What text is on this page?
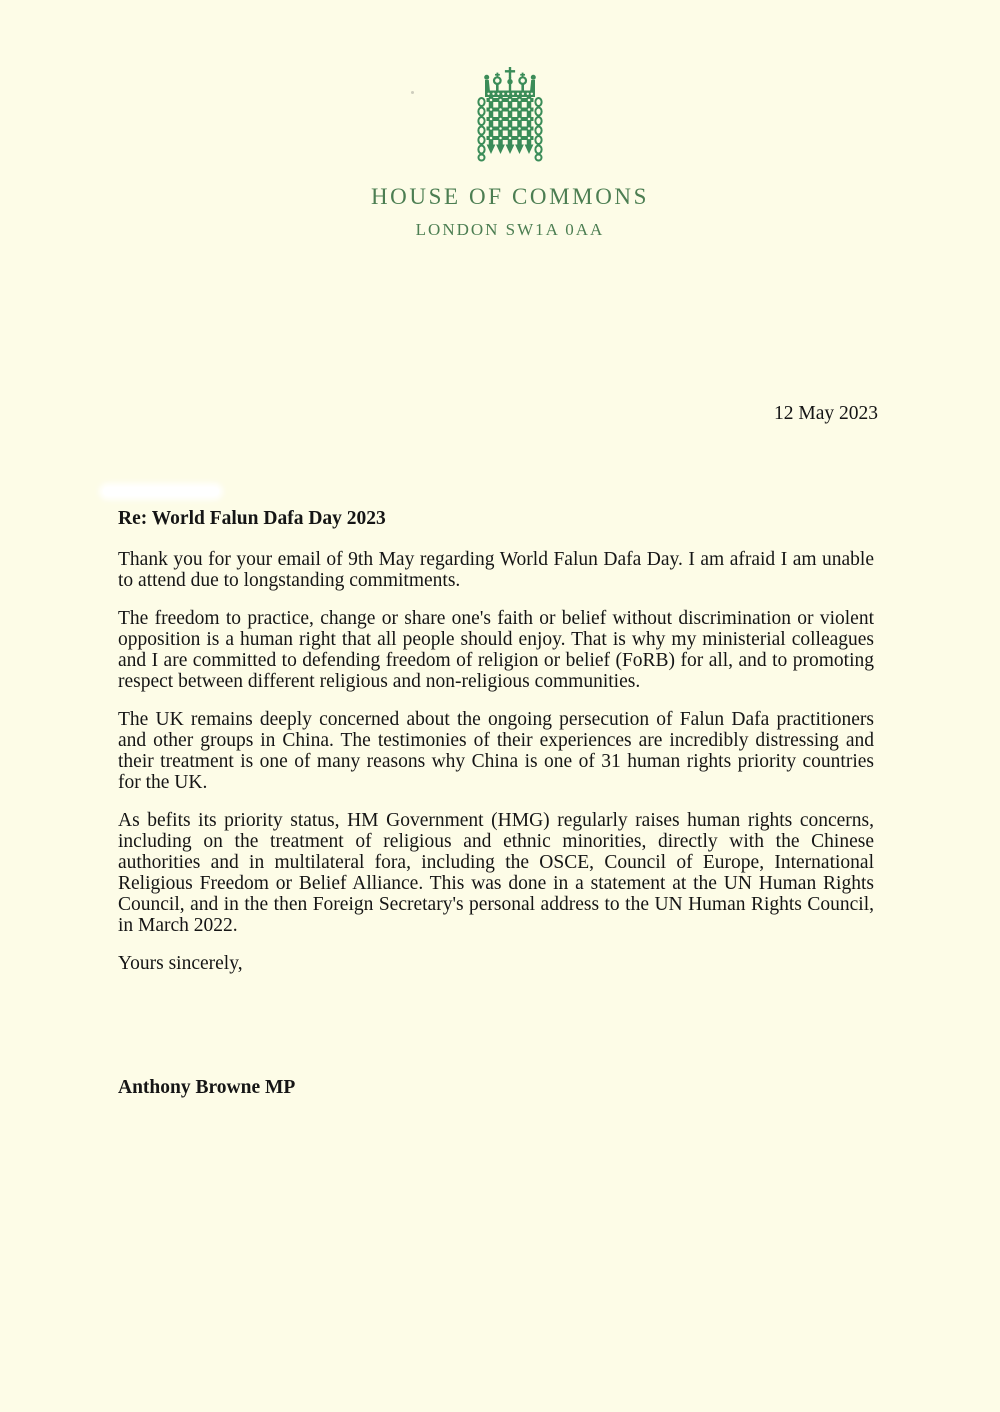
HOUSE OF COMMONS
LONDON SW1A 0AA
12 May 2023
Re: World Falun Dafa Day 2023

Thank you for your email of 9th May regarding World Falun Dafa Day. I am afraid I am unable to attend due to longstanding commitments.

The freedom to practice, change or share one's faith or belief without discrimination or violent opposition is a human right that all people should enjoy. That is why my ministerial colleagues and I are committed to defending freedom of religion or belief (FoRB) for all, and to promoting respect between different religious and non-religious communities.

The UK remains deeply concerned about the ongoing persecution of Falun Dafa practitioners and other groups in China. The testimonies of their experiences are incredibly distressing and their treatment is one of many reasons why China is one of 31 human rights priority countries for the UK.

As befits its priority status, HM Government (HMG) regularly raises human rights concerns, including on the treatment of religious and ethnic minorities, directly with the Chinese authorities and in multilateral fora, including the OSCE, Council of Europe, International Religious Freedom or Belief Alliance. This was done in a statement at the UN Human Rights Council, and in the then Foreign Secretary's personal address to the UN Human Rights Council, in March 2022.

Yours sincerely,

Anthony Browne MP
